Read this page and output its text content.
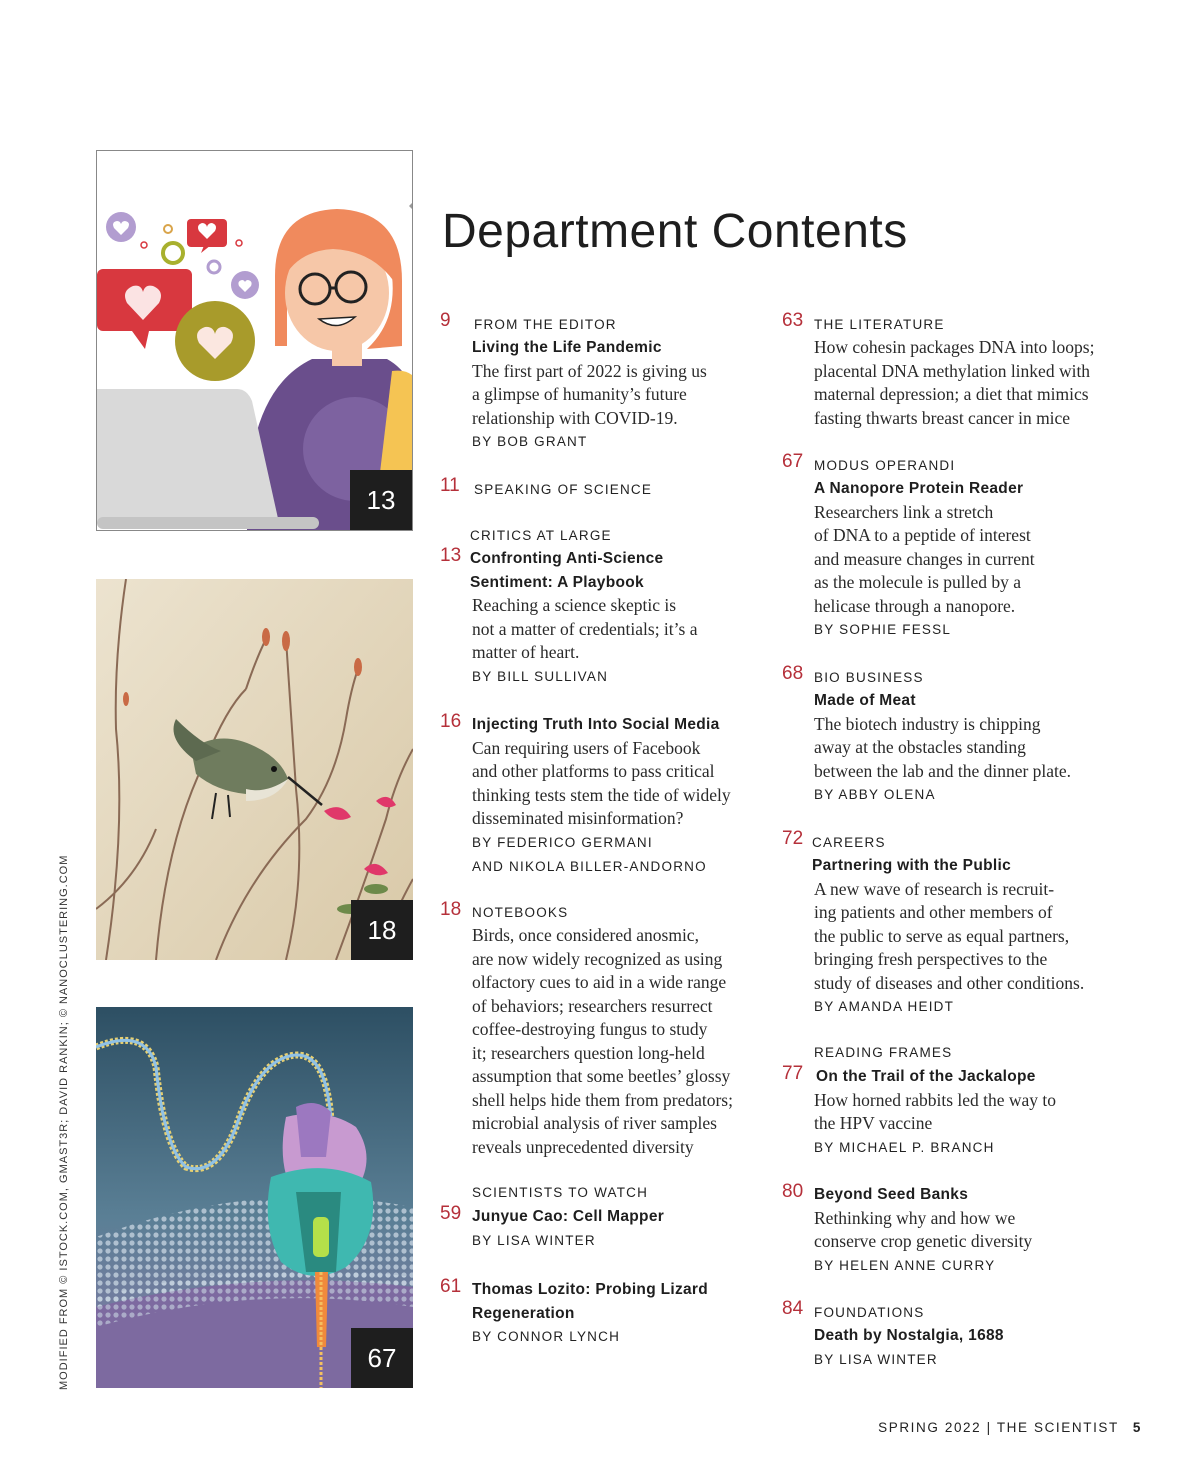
MODIFIED FROM © ISTOCK.COM, GMAST3R; DAVID RANKIN; © NANOCLUSTERING.COM
13
18
67
Department Contents
9 FROM THE EDITOR
Living the Life Pandemic
The first part of 2022 is giving us
a glimpse of humanity’s future
relationship with COVID-19.
BY BOB GRANT
11 SPEAKING OF SCIENCE
CRITICS AT LARGE
13 Confronting Anti-Science
Sentiment: A Playbook
Reaching a science skeptic is
not a matter of credentials; it’s a
matter of heart.
BY BILL SULLIVAN
16 Injecting Truth Into Social Media
Can requiring users of Facebook
and other platforms to pass critical
thinking tests stem the tide of widely
disseminated misinformation?
BY FEDERICO GERMANI
AND NIKOLA BILLER-ANDORNO
18 NOTEBOOKS
Birds, once considered anosmic,
are now widely recognized as using
olfactory cues to aid in a wide range
of behaviors; researchers resurrect
coffee-destroying fungus to study
it; researchers question long-held
assumption that some beetles’ glossy
shell helps hide them from predators;
microbial analysis of river samples
reveals unprecedented diversity
SCIENTISTS TO WATCH
59 Junyue Cao: Cell Mapper
BY LISA WINTER
61 Thomas Lozito: Probing Lizard
Regeneration
BY CONNOR LYNCH
63 THE LITERATURE
How cohesin packages DNA into loops;
placental DNA methylation linked with
maternal depression; a diet that mimics
fasting thwarts breast cancer in mice
67 MODUS OPERANDI
A Nanopore Protein Reader
Researchers link a stretch
of DNA to a peptide of interest
and measure changes in current
as the molecule is pulled by a
helicase through a nanopore.
BY SOPHIE FESSL
68 BIO BUSINESS
Made of Meat
The biotech industry is chipping
away at the obstacles standing
between the lab and the dinner plate.
BY ABBY OLENA
72 CAREERS
Partnering with the Public
A new wave of research is recruit-
ing patients and other members of
the public to serve as equal partners,
bringing fresh perspectives to the
study of diseases and other conditions.
BY AMANDA HEIDT
READING FRAMES
77 On the Trail of the Jackalope
How horned rabbits led the way to
the HPV vaccine
BY MICHAEL P. BRANCH
80 Beyond Seed Banks
Rethinking why and how we
conserve crop genetic diversity
BY HELEN ANNE CURRY
84 FOUNDATIONS
Death by Nostalgia, 1688
BY LISA WINTER
SPRING 2022 | THE SCIENTIST 5
